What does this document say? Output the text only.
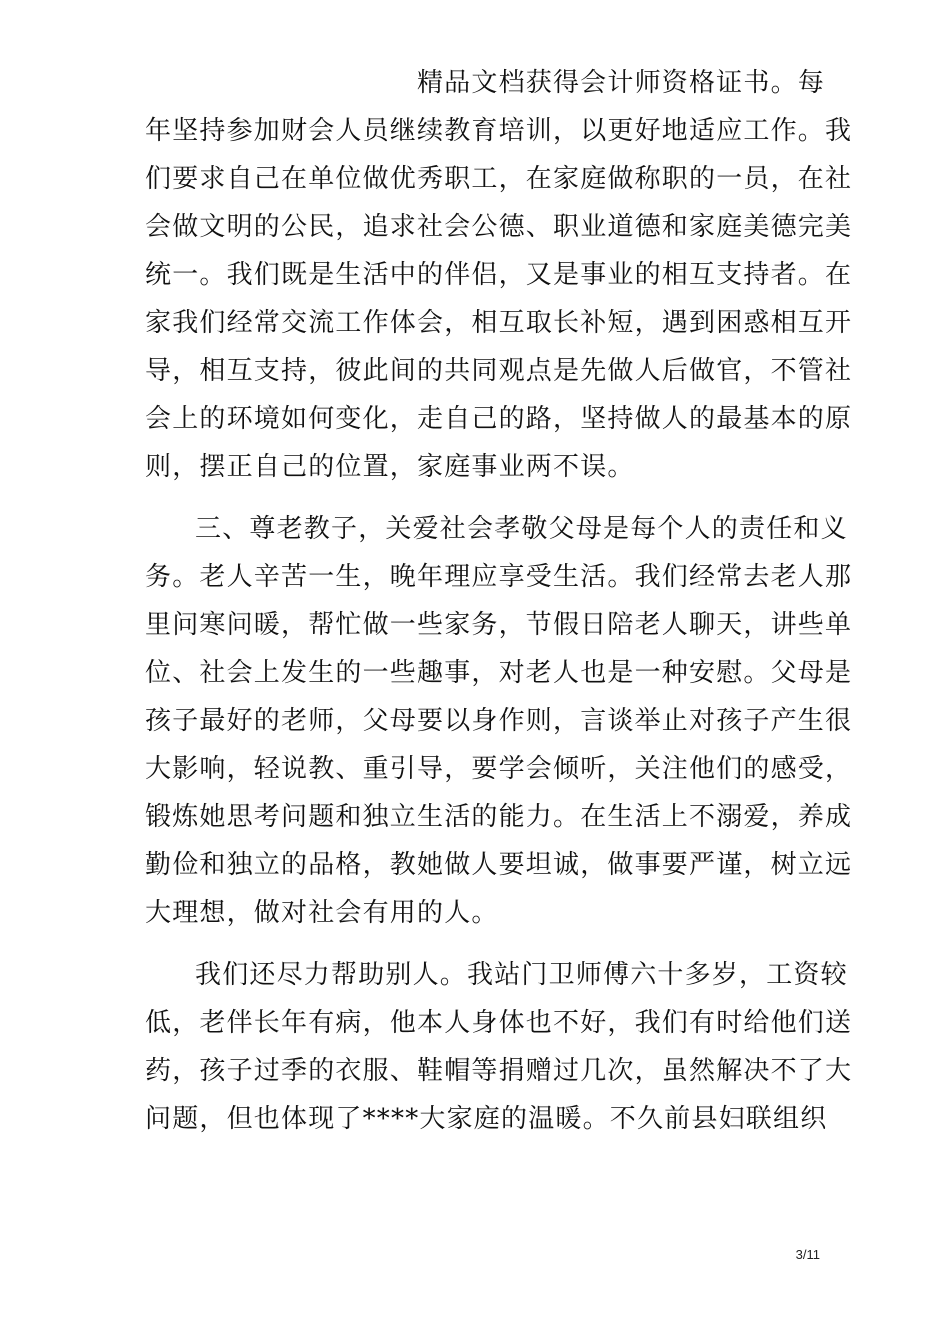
精品文档获得会计师资格证书。每
年坚持参加财会人员继续教育培训，以更好地适应工作。我
们要求自己在单位做优秀职工，在家庭做称职的一员，在社
会做文明的公民，追求社会公德、职业道德和家庭美德完美
统一。我们既是生活中的伴侣，又是事业的相互支持者。在
家我们经常交流工作体会，相互取长补短，遇到困惑相互开
导，相互支持，彼此间的共同观点是先做人后做官，不管社
会上的环境如何变化，走自己的路，坚持做人的最基本的原
则，摆正自己的位置，家庭事业两不误。
三、尊老教子，关爱社会孝敬父母是每个人的责任和义
务。老人辛苦一生，晚年理应享受生活。我们经常去老人那
里问寒问暖，帮忙做一些家务，节假日陪老人聊天，讲些单
位、社会上发生的一些趣事，对老人也是一种安慰。父母是
孩子最好的老师，父母要以身作则，言谈举止对孩子产生很
大影响，轻说教、重引导，要学会倾听，关注他们的感受，
锻炼她思考问题和独立生活的能力。在生活上不溺爱，养成
勤俭和独立的品格，教她做人要坦诚，做事要严谨，树立远
大理想，做对社会有用的人。
我们还尽力帮助别人。我站门卫师傅六十多岁，工资较
低，老伴长年有病，他本人身体也不好，我们有时给他们送
药，孩子过季的衣服、鞋帽等捐赠过几次，虽然解决不了大
问题，但也体现了****大家庭的温暖。不久前县妇联组织
3/11
